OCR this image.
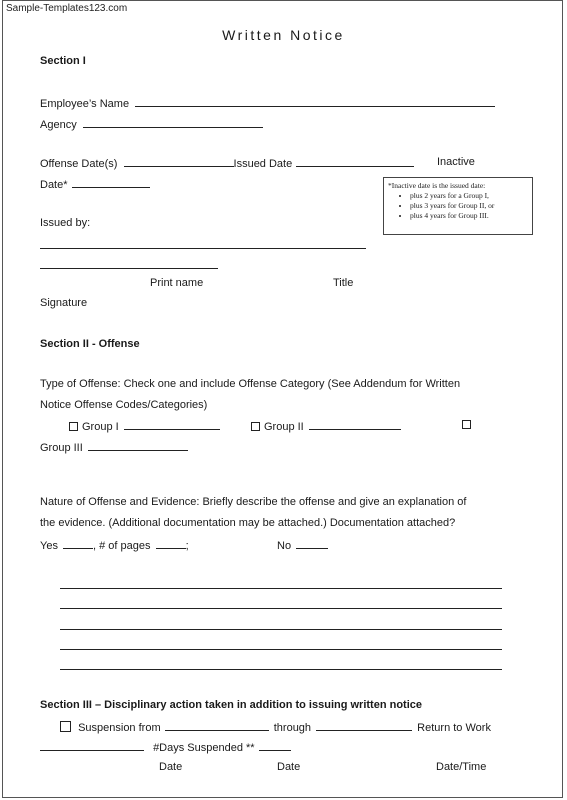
Sample-Templates123.com
Written Notice
Section I
Employee’s Name
Agency
Offense Date(s)	Issued Date	Inactive
Date*	*Inactive date is the issued date:
• plus 2 years for a Group I,
• plus 3 years for Group II, or
• plus 4 years for Group III.
Issued by:
Print name	Title
Signature
Section II - Offense
Type of Offense: Check one and include Offense Category (See Addendum for Written
Notice Offense Codes/Categories)
Group I	Group II
Group III
Nature of Offense and Evidence: Briefly describe the offense and give an explanation of
the evidence. (Additional documentation may be attached.) Documentation attached?
Yes	, # of pages	;	No
Section III – Disciplinary action taken in addition to issuing written notice
Suspension from	through	Return to Work
#Days Suspended **
Date	Date	Date/Time
